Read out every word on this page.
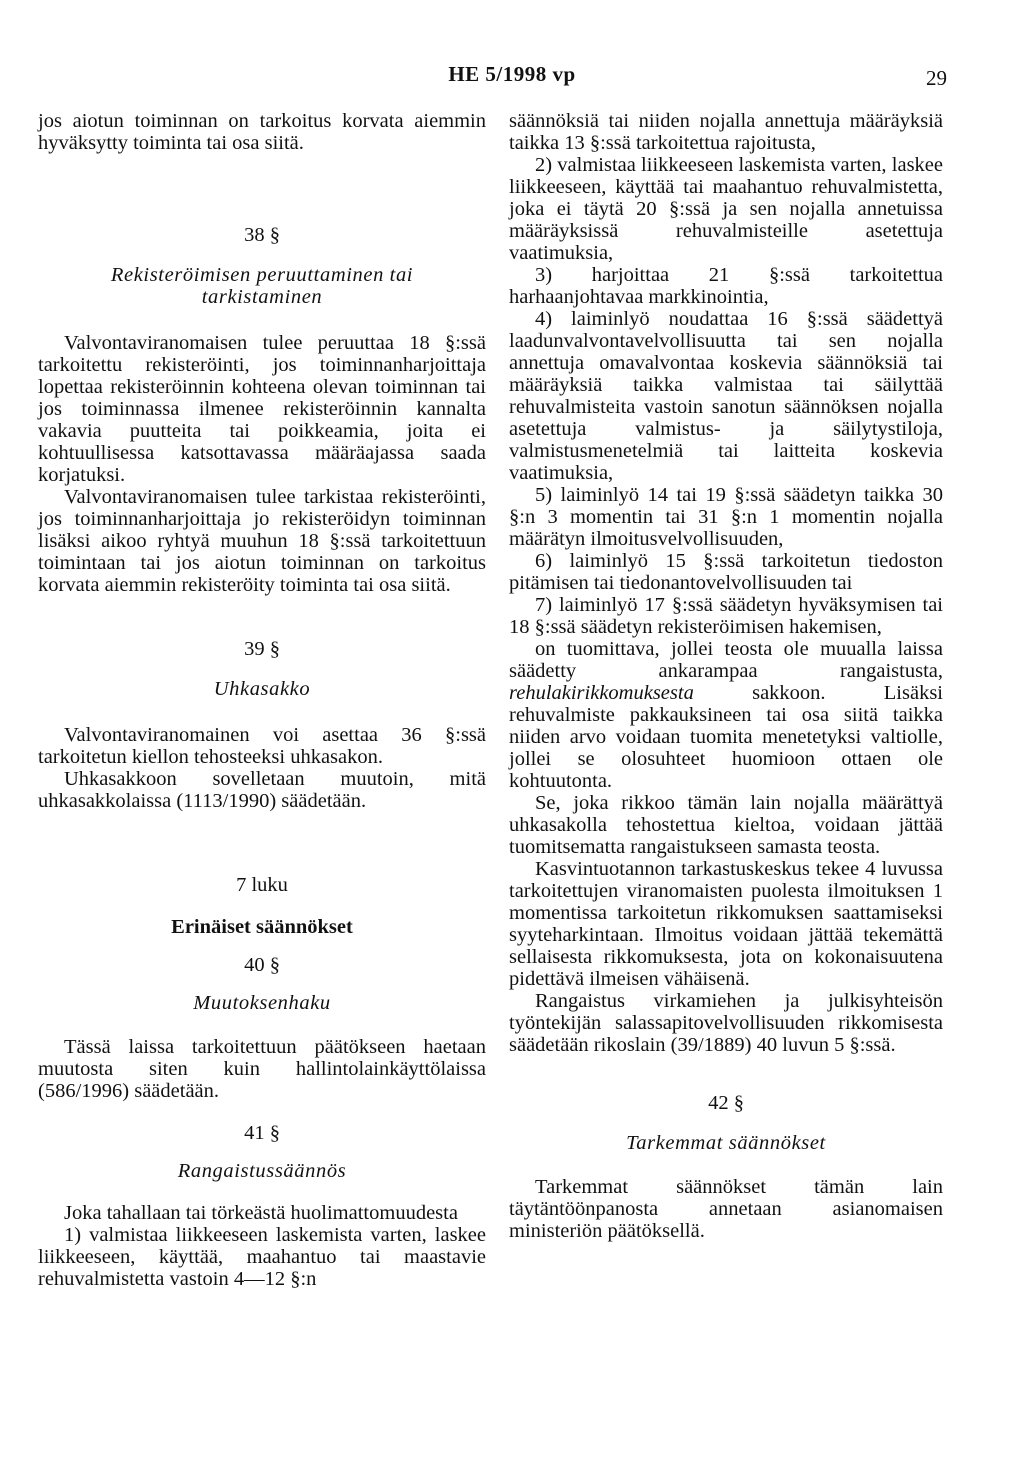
HE 5/1998 vp	29

jos aiotun toiminnan on tarkoitus korvata aiemmin hyväksytty toiminta tai osa siitä.

38 §
Rekisteröimisen peruuttaminen tai tarkistaminen

Valvontaviranomaisen tulee peruuttaa 18 §:ssä tarkoitettu rekisteröinti, jos toiminnanharjoittaja lopettaa rekisteröinnin kohteena olevan toiminnan tai jos toiminnassa ilmenee rekisteröinnin kannalta vakavia puutteita tai poikkeamia, joita ei kohtuullisessa katsottavassa määräajassa saada korjatuksi.

Valvontaviranomaisen tulee tarkistaa rekisteröinti, jos toiminnanharjoittaja jo rekisteröidyn toiminnan lisäksi aikoo ryhtyä muuhun 18 §:ssä tarkoitettuun toimintaan tai jos aiotun toiminnan on tarkoitus korvata aiemmin rekisteröity toiminta tai osa siitä.

39 §
Uhkasakko

Valvontaviranomainen voi asettaa 36 §:ssä tarkoitetun kiellon tehosteeksi uhkasakon.

Uhkasakkoon sovelletaan muutoin, mitä uhkasakkolaissa (1113/1990) säädetään.

7 luku
Erinäiset säännökset
40 §
Muutoksenhaku

Tässä laissa tarkoitettuun päätökseen haetaan muutosta siten kuin hallintolainkäyttölaissa (586/1996) säädetään.

41 §
Rangaistussäännös

Joka tahallaan tai törkeästä huolimattomuudesta

1) valmistaa liikkeeseen laskemista varten, laskee liikkeeseen, käyttää, maahantuo tai maastavie rehuvalmistetta vastoin 4—12 §:n

säännöksiä tai niiden nojalla annettuja määräyksiä taikka 13 §:ssä tarkoitettua rajoitusta,

2) valmistaa liikkeeseen laskemista varten, laskee liikkeeseen, käyttää tai maahantuo rehuvalmistetta, joka ei täytä 20 §:ssä ja sen nojalla annetuissa määräyksissä rehuvalmisteille asetettuja vaatimuksia,

3) harjoittaa 21 §:ssä tarkoitettua harhaanjohtavaa markkinointia,

4) laiminlyö noudattaa 16 §:ssä säädettyä laadunvalvontavelvollisuutta tai sen nojalla annettuja omavalvontaa koskevia säännöksiä tai määräyksiä taikka valmistaa tai säilyttää rehuvalmisteita vastoin sanotun säännöksen nojalla asetettuja valmistus- ja säilytystiloja, valmistusmenetelmiä tai laitteita koskevia vaatimuksia,

5) laiminlyö 14 tai 19 §:ssä säädetyn taikka 30 §:n 3 momentin tai 31 §:n 1 momentin nojalla määrätyn ilmoitusvelvollisuuden,

6) laiminlyö 15 §:ssä tarkoitetun tiedoston pitämisen tai tiedonantovelvollisuuden tai

7) laiminlyö 17 §:ssä säädetyn hyväksymisen tai 18 §:ssä säädetyn rekisteröimisen hakemisen,

on tuomittava, jollei teosta ole muualla laissa säädetty ankarampaa rangaistusta, rehulakirikkomuksesta sakkoon. Lisäksi rehuvalmiste pakkauksineen tai osa siitä taikka niiden arvo voidaan tuomita menetetyksi valtiolle, jollei se olosuhteet huomioon ottaen ole kohtuutonta.

Se, joka rikkoo tämän lain nojalla määrättyä uhkasakolla tehostettua kieltoa, voidaan jättää tuomitsematta rangaistukseen samasta teosta.

Kasvintuotannon tarkastuskeskus tekee 4 luvussa tarkoitettujen viranomaisten puolesta ilmoituksen 1 momentissa tarkoitetun rikkomuksen saattamiseksi syyteharkintaan. Ilmoitus voidaan jättää tekemättä sellaisesta rikkomuksesta, jota on kokonaisuutena pidettävä ilmeisen vähäisenä.

Rangaistus virkamiehen ja julkisyhteisön työntekijän salassapitovelvollisuuden rikkomisesta säädetään rikoslain (39/1889) 40 luvun 5 §:ssä.

42 §
Tarkemmat säännökset

Tarkemmat säännökset tämän lain täytäntöönpanosta annetaan asianomaisen ministeriön päätöksellä.
